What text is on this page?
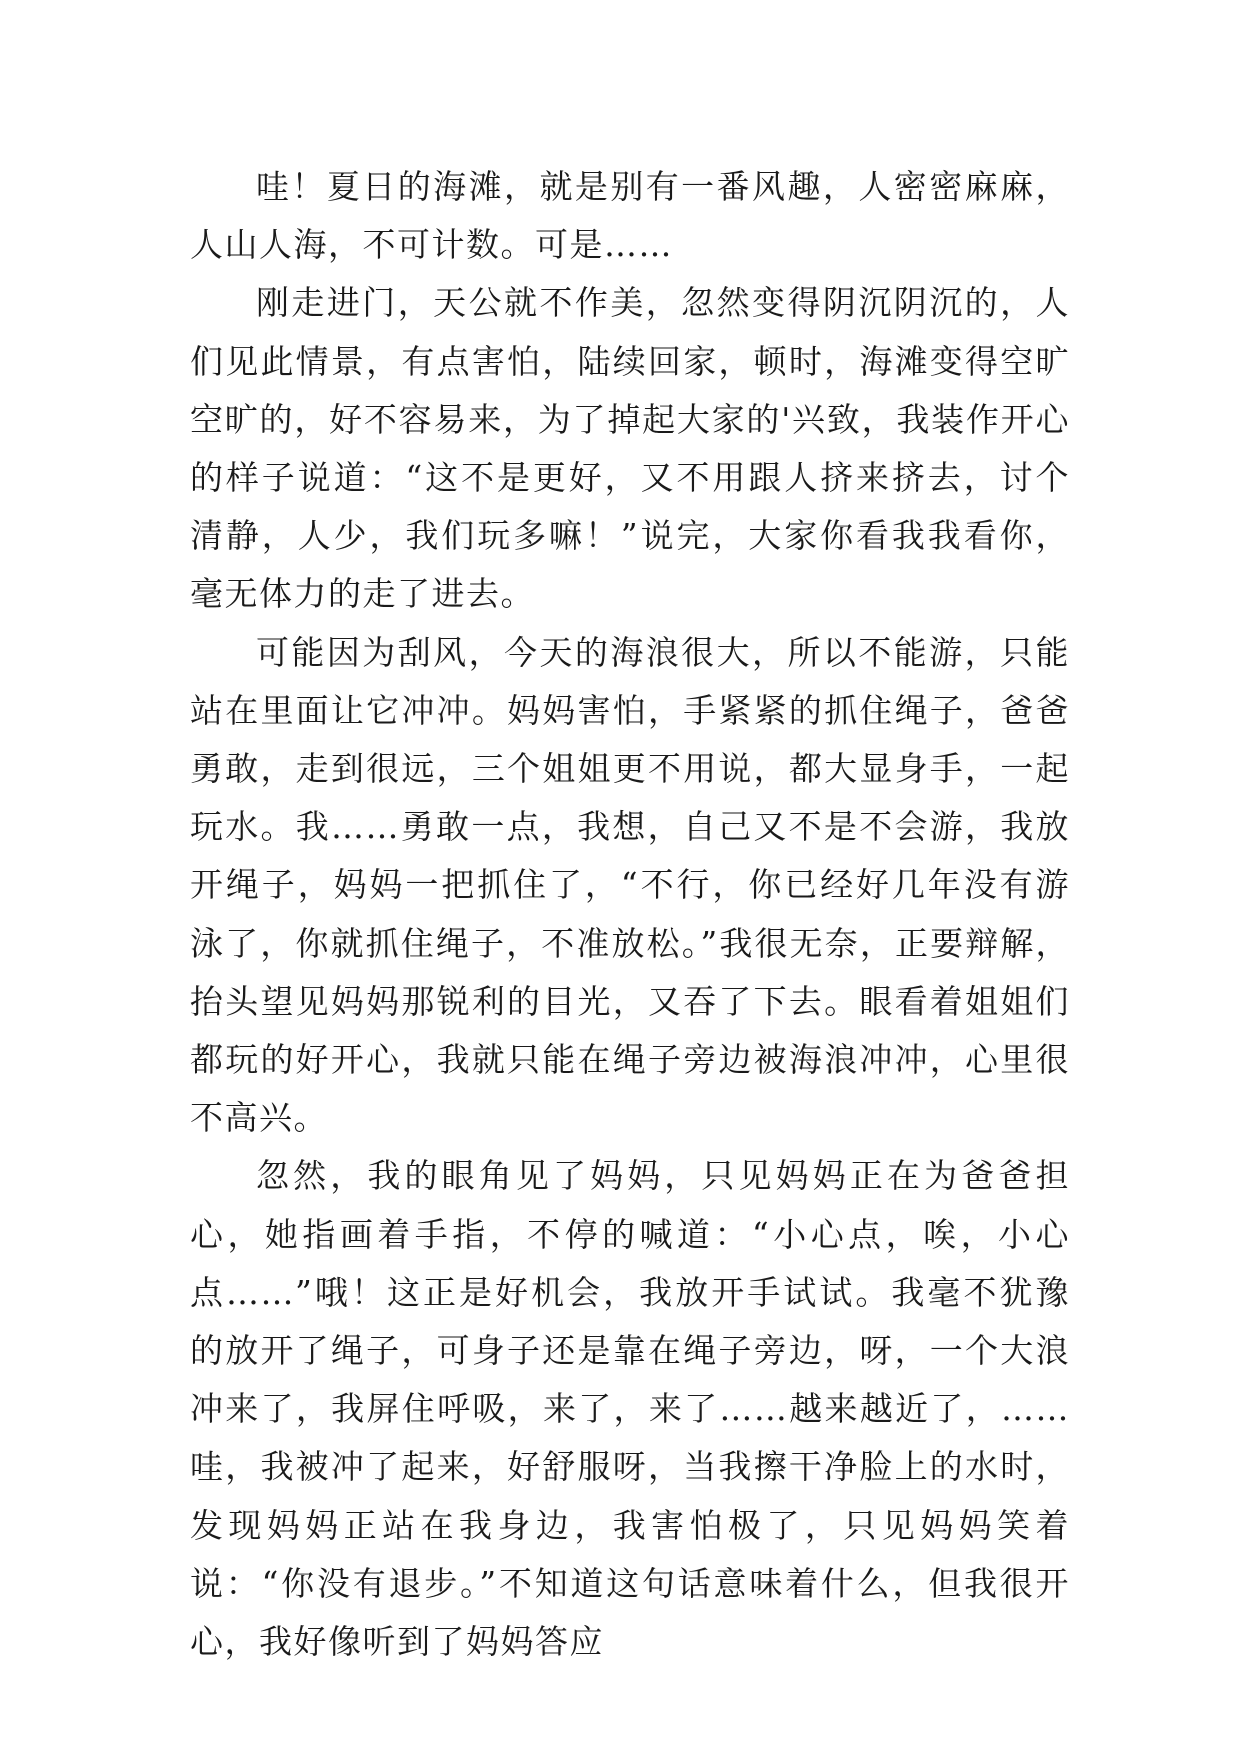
哇！夏日的海滩，就是别有一番风趣，人密密麻麻，人山人海，不可计数。可是……

刚走进门，天公就不作美，忽然变得阴沉阴沉的，人们见此情景，有点害怕，陆续回家，顿时，海滩变得空旷空旷的，好不容易来，为了掉起大家的'兴致，我装作开心的样子说道：“这不是更好，又不用跟人挤来挤去，讨个清静，人少，我们玩多嘛！”说完，大家你看我我看你，毫无体力的走了进去。

可能因为刮风，今天的海浪很大，所以不能游，只能站在里面让它冲冲。妈妈害怕，手紧紧的抓住绳子，爸爸勇敢，走到很远，三个姐姐更不用说，都大显身手，一起玩水。我……勇敢一点，我想，自己又不是不会游，我放开绳子，妈妈一把抓住了，“不行，你已经好几年没有游泳了，你就抓住绳子，不准放松。”我很无奈，正要辩解，抬头望见妈妈那锐利的目光，又吞了下去。眼看着姐姐们都玩的好开心，我就只能在绳子旁边被海浪冲冲，心里很不高兴。

忽然，我的眼角见了妈妈，只见妈妈正在为爸爸担心，她指画着手指，不停的喊道：“小心点，唉，小心点……”哦！这正是好机会，我放开手试试。我毫不犹豫的放开了绳子，可身子还是靠在绳子旁边，呀，一个大浪冲来了，我屏住呼吸，来了，来了……越来越近了，……哇，我被冲了起来，好舒服呀，当我擦干净脸上的水时，发现妈妈正站在我身边，我害怕极了，只见妈妈笑着说：“你没有退步。”不知道这句话意味着什么，但我很开心，我好像听到了妈妈答应
